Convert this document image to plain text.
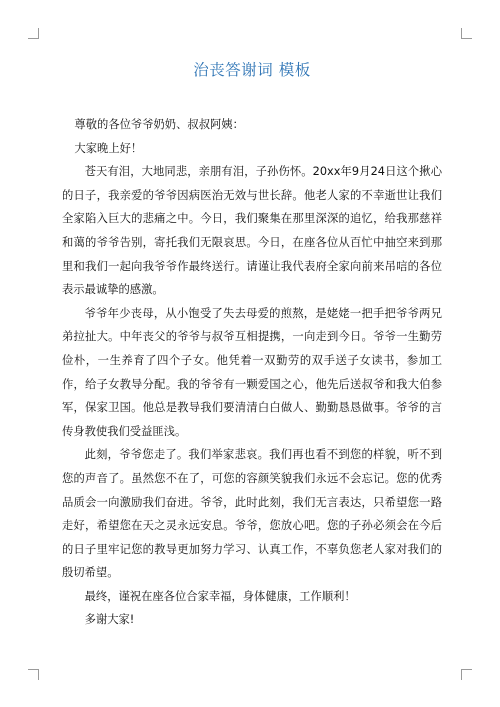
治丧答谢词 模板

尊敬的各位爷爷奶奶、叔叔阿姨：

大家晚上好！

苍天有泪，大地同悲，亲朋有泪，子孙伤怀。20xx年9月24日这个揪心的日子，我亲爱的爷爷因病医治无效与世长辞。他老人家的不幸逝世让我们全家陷入巨大的悲痛之中。今日，我们聚集在那里深深的追忆，给我那慈祥和蔼的爷爷告别，寄托我们无限哀思。今日，在座各位从百忙中抽空来到那里和我们一起向我爷爷作最终送行。请谨让我代表府全家向前来吊唁的各位表示最诚挚的感激。

爷爷年少丧母，从小饱受了失去母爱的煎熬，是姥姥一把手把爷爷两兄弟拉扯大。中年丧父的爷爷与叔爷互相提携，一向走到今日。爷爷一生勤劳俭朴，一生养育了四个子女。他凭着一双勤劳的双手送子女读书，参加工作，给子女教导分配。我的爷爷有一颗爱国之心，他先后送叔爷和我大伯参军，保家卫国。他总是教导我们要清清白白做人、勤勤恳恳做事。爷爷的言传身教使我们受益匪浅。

此刻，爷爷您走了。我们举家悲哀。我们再也看不到您的样貌，听不到您的声音了。虽然您不在了，可您的容颜笑貌我们永远不会忘记。您的优秀品质会一向激励我们奋进。爷爷，此时此刻，我们无言表达，只希望您一路走好，希望您在天之灵永远安息。爷爷，您放心吧。您的子孙必须会在今后的日子里牢记您的教导更加努力学习、认真工作，不辜负您老人家对我们的殷切希望。

最终，谨祝在座各位合家幸福，身体健康，工作顺利！

多谢大家!
